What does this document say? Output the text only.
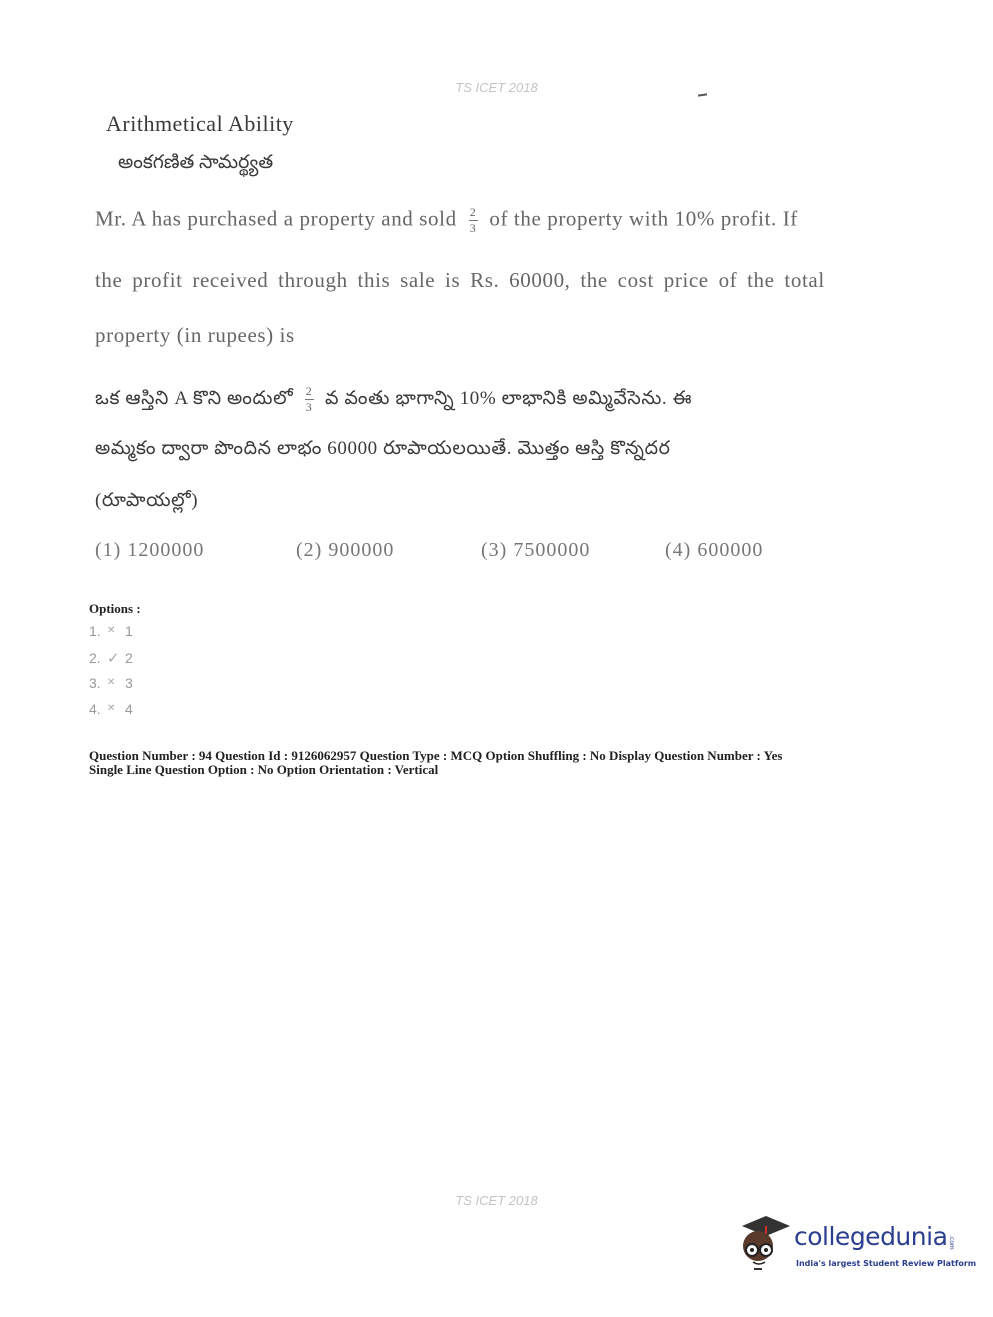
TS ICET 2018
Arithmetical Ability
అంకగణిత సామర్థ్యత
Mr. A has purchased a property and sold $\frac{2}{3}$ of the property with 10% profit. If
the profit received through this sale is Rs. 60000, the cost price of the total
property (in rupees) is
ఒక ఆస్తిని A కొని అందులో $\frac{2}{3}$ వ వంతు భాగాన్ని 10% లాభానికి అమ్మివేసెను. ఈ
అమ్మకం ద్వారా పొందిన లాభం 60000 రూపాయలయితే. మొత్తం ఆస్తి కొన్నదర
(రూపాయల్లో)
(1) 1200000	(2) 900000	(3) 7500000	(4) 600000
Options :
1. ✕ 1
2. ✓ 2
3. ✕ 3
4. ✕ 4
Question Number : 94 Question Id : 9126062957 Question Type : MCQ Option Shuffling : No Display Question Number : Yes
Single Line Question Option : No Option Orientation : Vertical
TS ICET 2018
collegedunia .com
India's largest Student Review Platform
